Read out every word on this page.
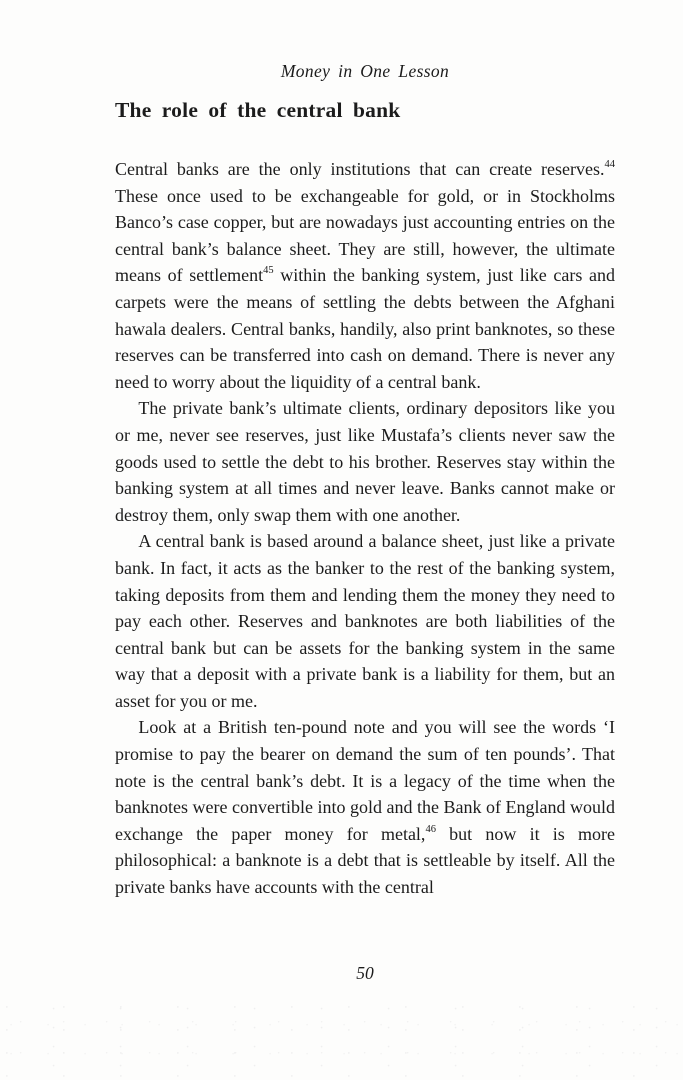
Money in One Lesson
The role of the central bank

Central banks are the only institutions that can create reserves.$^{44}$ These once used to be exchangeable for gold, or in Stockholms Banco’s case copper, but are nowadays just accounting entries on the central bank’s balance sheet. They are still, however, the ultimate means of settlement$^{45}$ within the banking system, just like cars and carpets were the means of settling the debts between the Afghani hawala dealers. Central banks, handily, also print banknotes, so these reserves can be transferred into cash on demand. There is never any need to worry about the liquidity of a central bank.

The private bank’s ultimate clients, ordinary depositors like you or me, never see reserves, just like Mustafa’s clients never saw the goods used to settle the debt to his brother. Reserves stay within the banking system at all times and never leave. Banks cannot make or destroy them, only swap them with one another.

A central bank is based around a balance sheet, just like a private bank. In fact, it acts as the banker to the rest of the banking system, taking deposits from them and lending them the money they need to pay each other. Reserves and banknotes are both liabilities of the central bank but can be assets for the banking system in the same way that a deposit with a private bank is a liability for them, but an asset for you or me.

Look at a British ten-pound note and you will see the words ‘I promise to pay the bearer on demand the sum of ten pounds’. That note is the central bank’s debt. It is a legacy of the time when the banknotes were convertible into gold and the Bank of England would exchange the paper money for metal,$^{46}$ but now it is more philosophical: a banknote is a debt that is settleable by itself. All the private banks have accounts with the central

50
